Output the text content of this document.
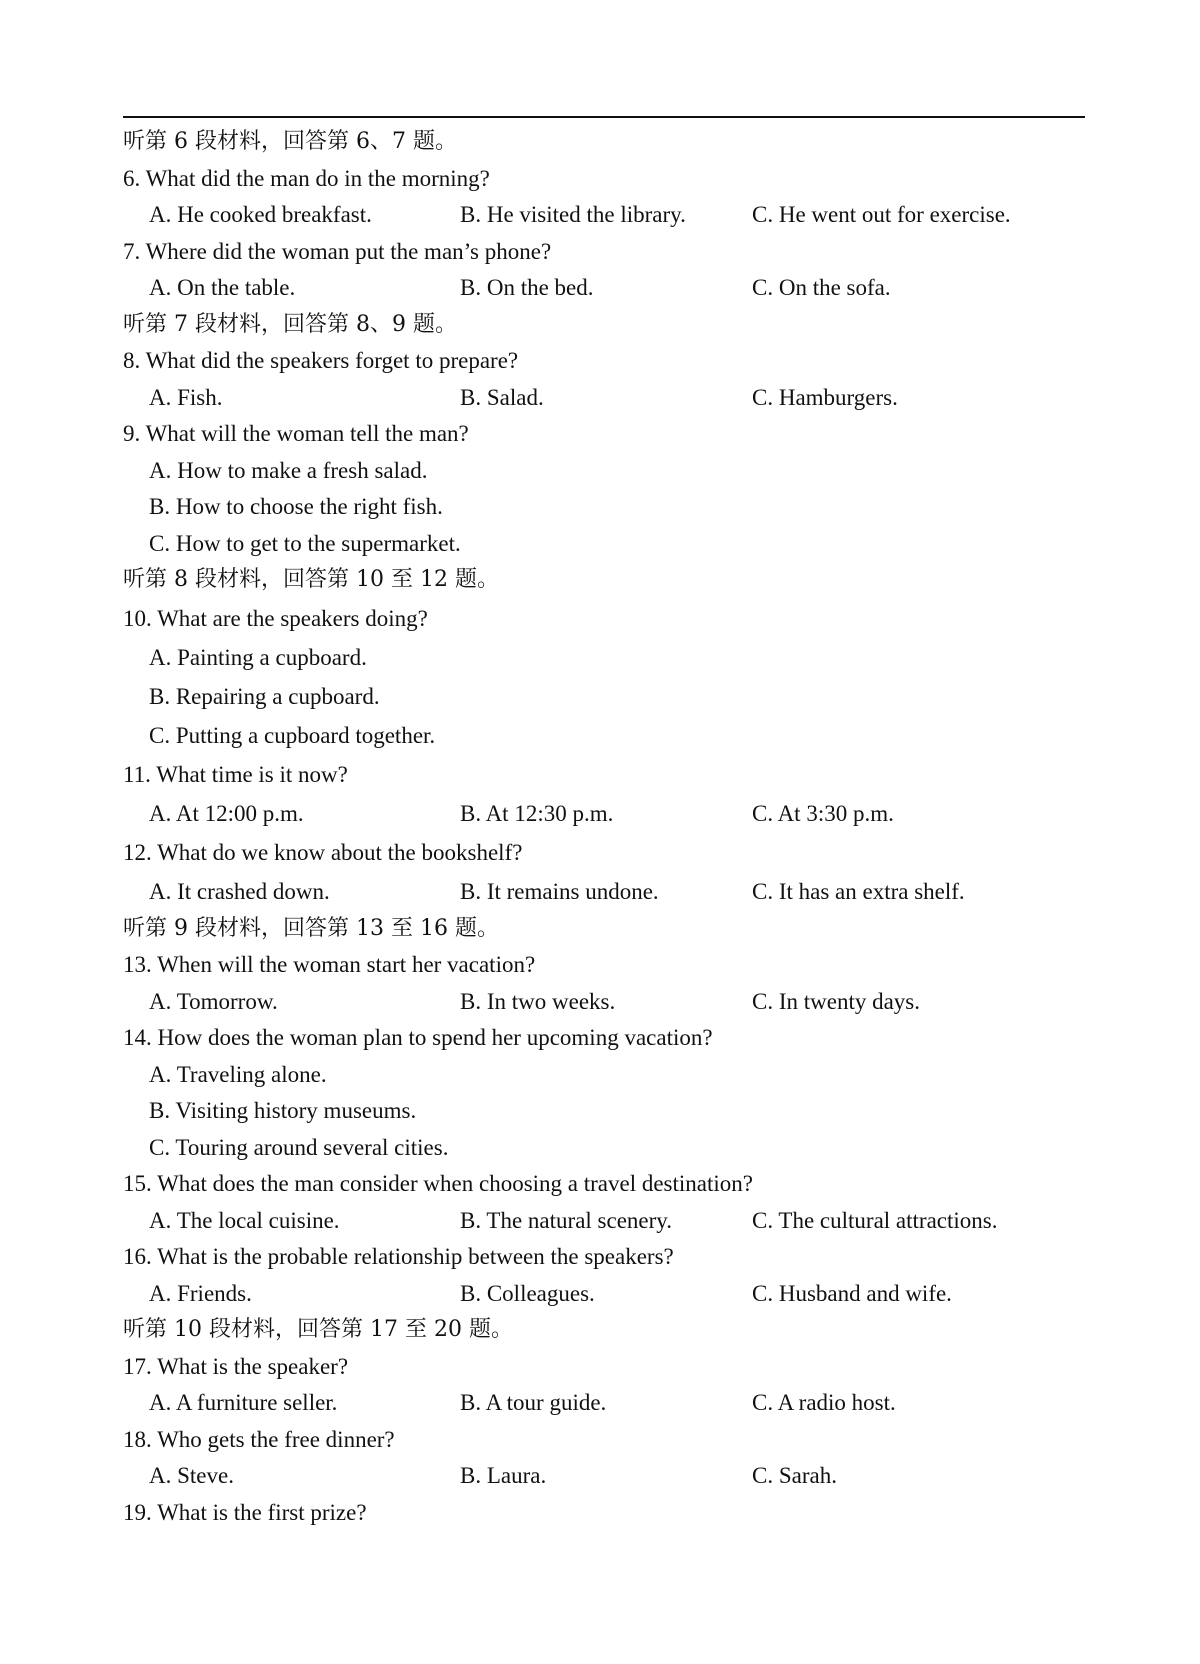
听第 6 段材料，回答第 6、7 题。
6. What did the man do in the morning?
A. He cooked breakfast.	B. He visited the library.	C. He went out for exercise.
7. Where did the woman put the man’s phone?
A. On the table.	B. On the bed.	C. On the sofa.
听第 7 段材料，回答第 8、9 题。
8. What did the speakers forget to prepare?
A. Fish.	B. Salad.	C. Hamburgers.
9. What will the woman tell the man?
A. How to make a fresh salad.
B. How to choose the right fish.
C. How to get to the supermarket.
听第 8 段材料，回答第 10 至 12 题。
10. What are the speakers doing?
A. Painting a cupboard.
B. Repairing a cupboard.
C. Putting a cupboard together.
11. What time is it now?
A. At 12:00 p.m.	B. At 12:30 p.m.	C. At 3:30 p.m.
12. What do we know about the bookshelf?
A. It crashed down.	B. It remains undone.	C. It has an extra shelf.
听第 9 段材料，回答第 13 至 16 题。
13. When will the woman start her vacation?
A. Tomorrow.	B. In two weeks.	C. In twenty days.
14. How does the woman plan to spend her upcoming vacation?
A. Traveling alone.
B. Visiting history museums.
C. Touring around several cities.
15. What does the man consider when choosing a travel destination?
A. The local cuisine.	B. The natural scenery.	C. The cultural attractions.
16. What is the probable relationship between the speakers?
A. Friends.	B. Colleagues.	C. Husband and wife.
听第 10 段材料，回答第 17 至 20 题。
17. What is the speaker?
A. A furniture seller.	B. A tour guide.	C. A radio host.
18. Who gets the free dinner?
A. Steve.	B. Laura.	C. Sarah.
19. What is the first prize?
